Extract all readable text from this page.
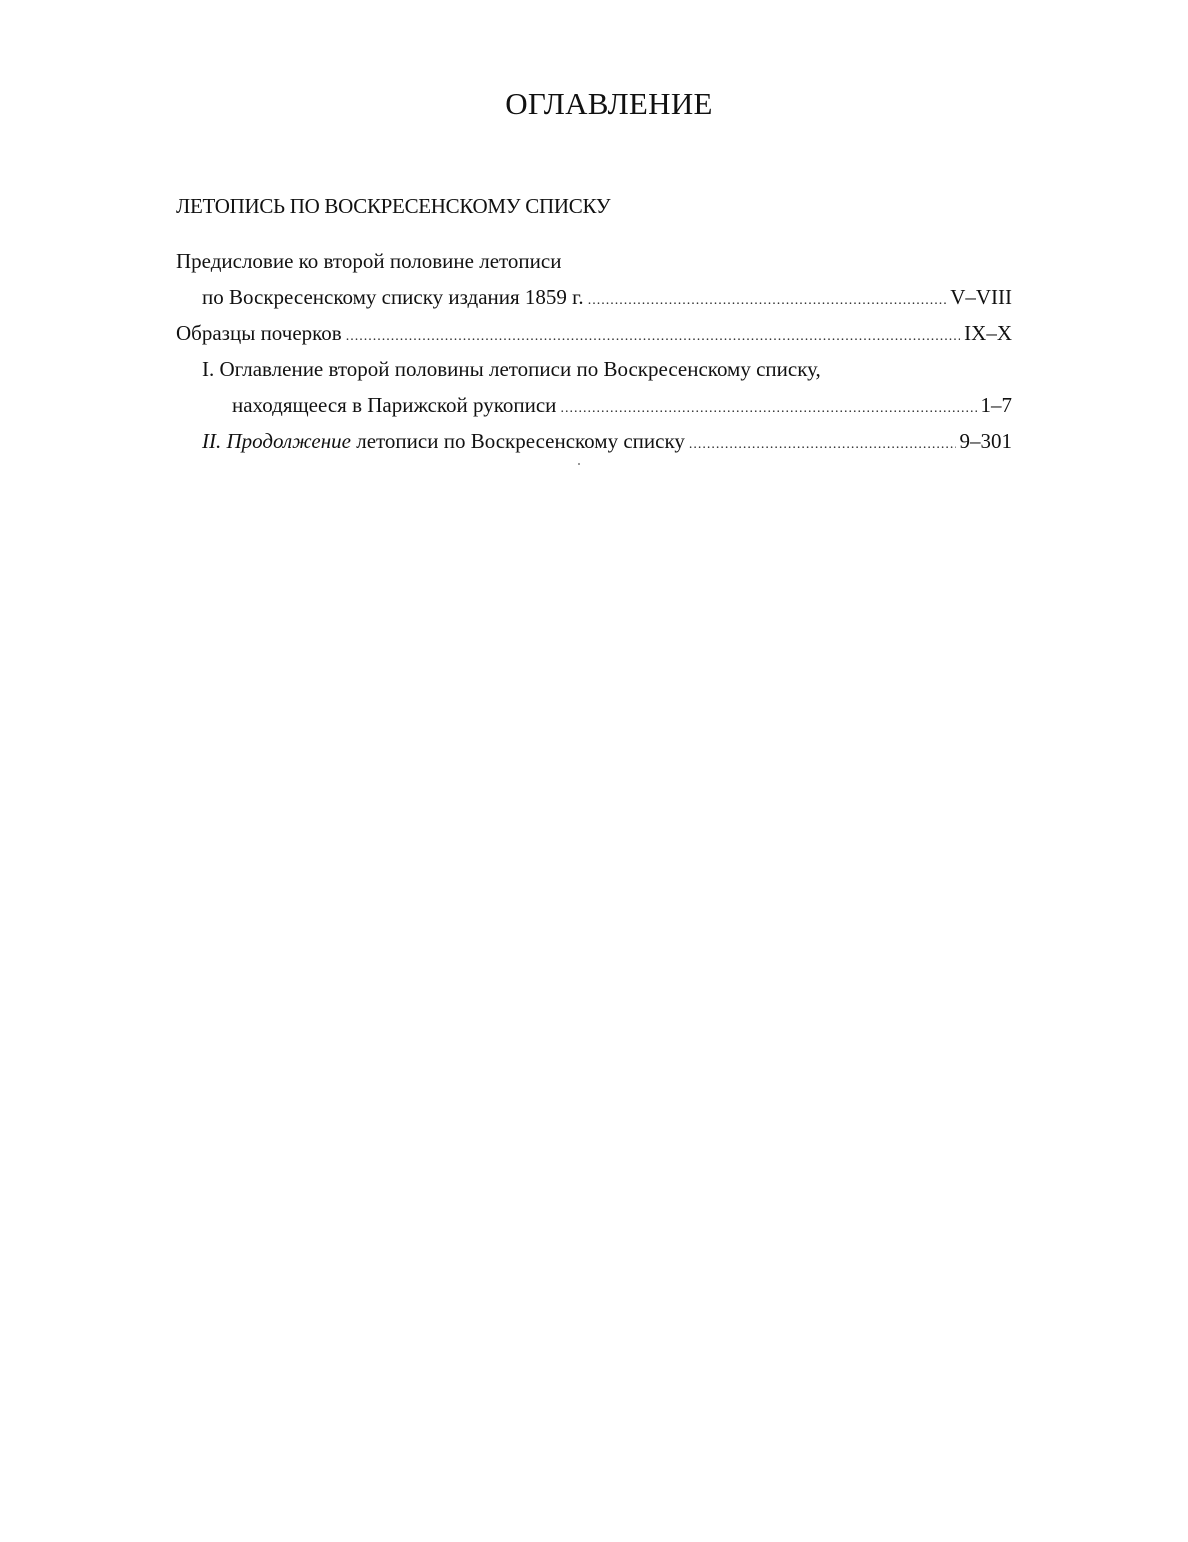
ОГЛАВЛЕНИЕ
ЛЕТОПИСЬ ПО ВОСКРЕСЕНСКОМУ СПИСКУ
Предисловие ко второй половине летописи
по Воскресенскому списку издания 1859 г. .....	V–VIII
Образцы почерков .....	IX–X
I. Оглавление второй половины летописи по Воскресенскому списку,
находящееся в Парижской рукописи .....	1–7
II. Продолжение летописи по Воскресенскому списку .....	9–301
